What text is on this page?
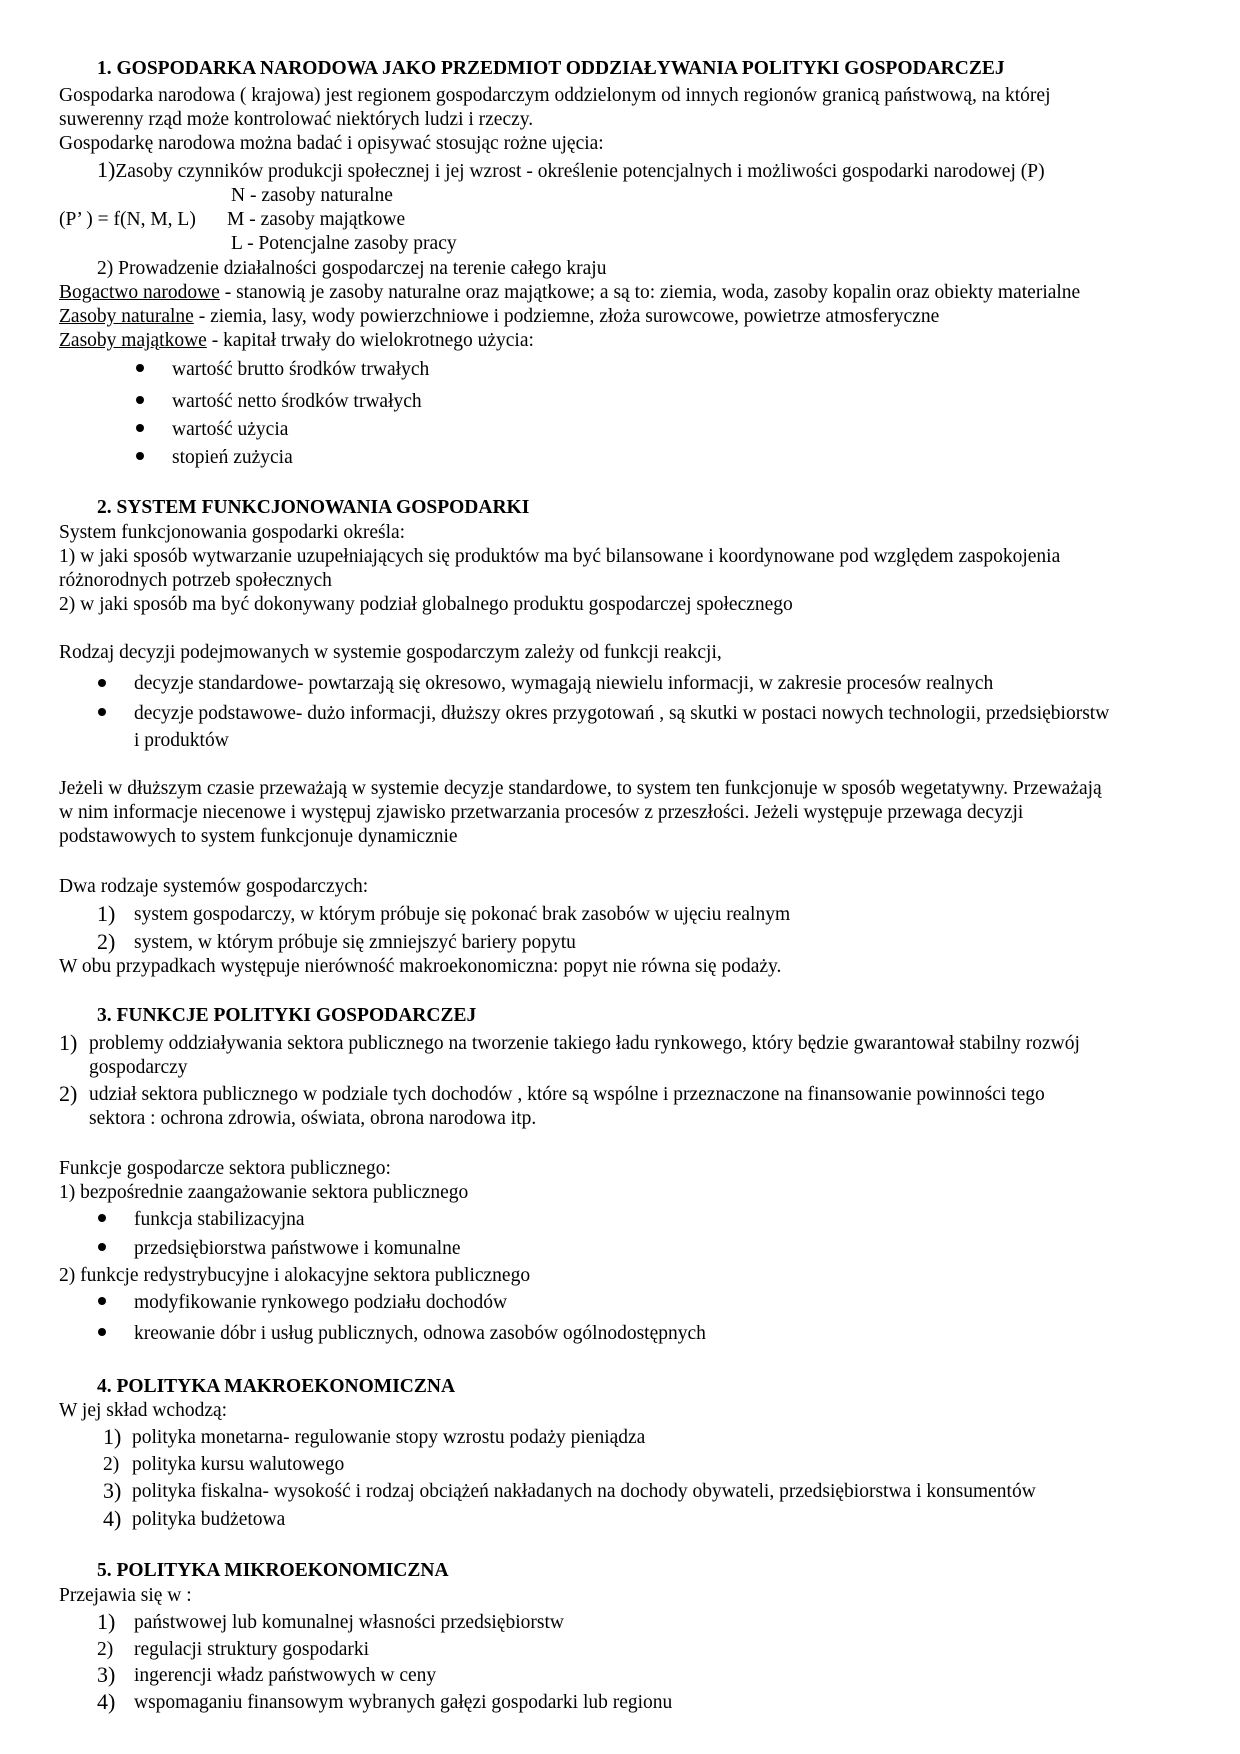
1. GOSPODARKA NARODOWA JAKO PRZEDMIOT ODDZIAŁYWANIA POLITYKI GOSPODARCZEJ
Gospodarka narodowa ( krajowa) jest regionem gospodarczym oddzielonym od innych regionów granicą państwową, na której
suwerenny rząd może kontrolować niektórych ludzi i rzeczy.
Gospodarkę narodowa można badać i opisywać stosując rożne ujęcia:
1)Zasoby czynników produkcji społecznej i jej wzrost - określenie potencjalnych i możliwości gospodarki narodowej (P)
N - zasoby naturalne
(P’ ) = f(N, M, L) M - zasoby majątkowe
L - Potencjalne zasoby pracy
2) Prowadzenie działalności gospodarczej na terenie całego kraju
Bogactwo narodowe - stanowią je zasoby naturalne oraz majątkowe; a są to: ziemia, woda, zasoby kopalin oraz obiekty materialne
Zasoby naturalne - ziemia, lasy, wody powierzchniowe i podziemne, złoża surowcowe, powietrze atmosferyczne
Zasoby majątkowe - kapitał trwały do wielokrotnego użycia:
wartość brutto środków trwałych
wartość netto środków trwałych
wartość użycia
stopień zużycia
2. SYSTEM FUNKCJONOWANIA GOSPODARKI
System funkcjonowania gospodarki określa:
1) w jaki sposób wytwarzanie uzupełniających się produktów ma być bilansowane i koordynowane pod względem zaspokojenia
różnorodnych potrzeb społecznych
2) w jaki sposób ma być dokonywany podział globalnego produktu gospodarczej społecznego
Rodzaj decyzji podejmowanych w systemie gospodarczym zależy od funkcji reakcji,
decyzje standardowe- powtarzają się okresowo, wymagają niewielu informacji, w zakresie procesów realnych
decyzje podstawowe- dużo informacji, dłuższy okres przygotowań , są skutki w postaci nowych technologii, przedsiębiorstw
i produktów
Jeżeli w dłuższym czasie przeważają w systemie decyzje standardowe, to system ten funkcjonuje w sposób wegetatywny. Przeważają
w nim informacje niecenowe i występuj zjawisko przetwarzania procesów z przeszłości. Jeżeli występuje przewaga decyzji
podstawowych to system funkcjonuje dynamicznie
Dwa rodzaje systemów gospodarczych:
1) system gospodarczy, w którym próbuje się pokonać brak zasobów w ujęciu realnym
2) system, w którym próbuje się zmniejszyć bariery popytu
W obu przypadkach występuje nierówność makroekonomiczna: popyt nie równa się podaży.
3. FUNKCJE POLITYKI GOSPODARCZEJ
1) problemy oddziaływania sektora publicznego na tworzenie takiego ładu rynkowego, który będzie gwarantował stabilny rozwój
gospodarczy
2) udział sektora publicznego w podziale tych dochodów , które są wspólne i przeznaczone na finansowanie powinności tego
sektora : ochrona zdrowia, oświata, obrona narodowa itp.
Funkcje gospodarcze sektora publicznego:
1) bezpośrednie zaangażowanie sektora publicznego
funkcja stabilizacyjna
przedsiębiorstwa państwowe i komunalne
2) funkcje redystrybucyjne i alokacyjne sektora publicznego
modyfikowanie rynkowego podziału dochodów
kreowanie dóbr i usług publicznych, odnowa zasobów ogólnodostępnych
4. POLITYKA MAKROEKONOMICZNA
W jej skład wchodzą:
1) polityka monetarna- regulowanie stopy wzrostu podaży pieniądza
2) polityka kursu walutowego
3) polityka fiskalna- wysokość i rodzaj obciążeń nakładanych na dochody obywateli, przedsiębiorstwa i konsumentów
4) polityka budżetowa
5. POLITYKA MIKROEKONOMICZNA
Przejawia się w :
1) państwowej lub komunalnej własności przedsiębiorstw
2) regulacji struktury gospodarki
3) ingerencji władz państwowych w ceny
4) wspomaganiu finansowym wybranych gałęzi gospodarki lub regionu
